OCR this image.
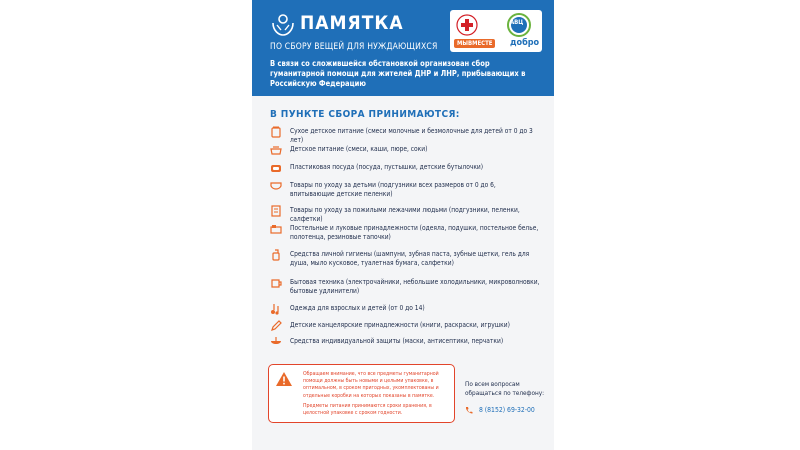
ПАМЯТКА
ПО СБОРУ ВЕЩЕЙ ДЛЯ НУЖДАЮЩИХСЯ
АВЦ
МЫВМЕСТЕ	добро
В связи со сложившейся обстановкой организован сбор гуманитарной помощи для жителей ДНР и ЛНР, прибывающих в Российскую Федерацию
В ПУНКТЕ СБОРА ПРИНИМАЮТСЯ:
Сухое детское питание (смеси молочные и безмолочные для детей от 0 до 3 лет)
Детское питание (смеси, каши, пюре, соки)
Пластиковая посуда (посуда, пустышки, детские бутылочки)
Товары по уходу за детьми (подгузники всех размеров от 0 до 6, впитывающие детские пеленки)
Товары по уходу за пожилыми лежачими людьми (подгузники, пеленки, салфетки)
Постельные и луковые принадлежности (одеяла, подушки, постельное белье, полотенца, резиновые тапочки)
Средства личной гигиены (шампуни, зубная паста, зубные щетки, гель для душа, мыло кусковое, туалетная бумага, салфетки)
Бытовая техника (электрочайники, небольшие холодильники, микроволновки, бытовые удлинители)
Одежда для взрослых и детей (от 0 до 14)
Детские канцелярские принадлежности (книги, раскраски, игрушки)
Средства индивидуальной защиты (маски, антисептики, перчатки)

Обращаем внимание, что все предметы гуманитарной помощи должны быть новыми и целыми упаковке, в оптимальном, в сроком пригодных, укомплектованы и отдельные коробки на которых показаны в памятке.

Предметы питания принимаются сроки хранения, в целостной упаковке с сроком годности.

По всем вопросам обращаться по телефону:
8 (8152) 69-32-00
